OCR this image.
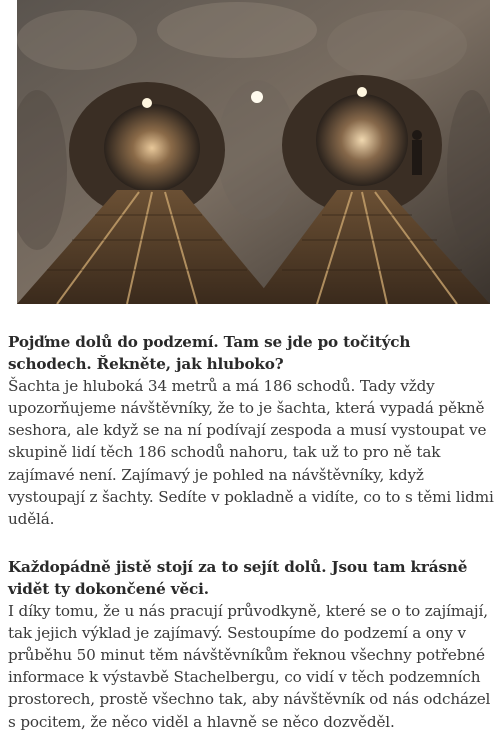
Pojďme dolů do podzemí. Tam se jde po točitých schodech. Řekněte, jak hluboko?

Šachta je hluboká 34 metrů a má 186 schodů. Tady vždy upozorňujeme návštěvníky, že to je šachta, která vypadá pěkně seshora, ale když se na ní podívají zespoda a musí vystoupat ve skupině lidí těch 186 schodů nahoru, tak už to pro ně tak zajímavé není. Zajímavý je pohled na návštěvníky, když vystoupají z šachty. Sedíte v pokladně a vidíte, co to s těmi lidmi udělá.

Každopádně jistě stojí za to sejít dolů. Jsou tam krásně vidět ty dokončené věci.

I díky tomu, že u nás pracují průvodkyně, které se o to zajímají, tak jejich výklad je zajímavý. Sestoupíme do podzemí a ony v průběhu 50 minut těm návštěvníkům řeknou všechny potřebné informace k výstavbě Stachelbergu, co vidí v těch podzemních prostorech, prostě všechno tak, aby návštěvník od nás odcházel s pocitem, že něco viděl a hlavně se něco dozvěděl.
